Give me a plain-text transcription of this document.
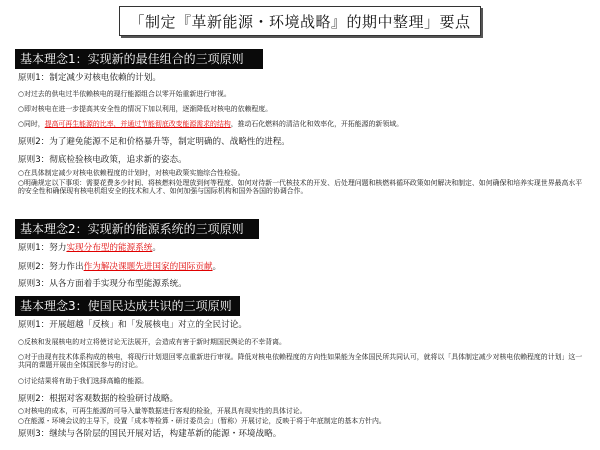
「制定『革新能源・环境战略』的期中整理」要点
基本理念1：实现新的最佳组合的三项原则
原则1：制定减少对核电依赖的计划。
○对过去的供电过半依赖核电的现行能源组合以零开始重新进行审视。
○即对核电在进一步提高其安全性的情况下加以利用，逐渐降低对核电的依赖程度。
○同时，提高可再生能源的比率，并通过节能彻底改变能源需求的结构，推动石化燃料的清洁化和效率化，开拓能源的新领域。
原则2：为了避免能源不足和价格暴升等，制定明确的、战略性的进程。
原则3：彻底检验核电政策，追求新的姿态。
○在具体制定减少对核电依赖程度的计划时，对核电政策实施综合性检验。
○明确规定以下事项：需要花费多少时间、将核燃料处理放到何等程度、如何对待新一代核技术的开发、后处理问题和核燃料循环政策如何解决和制定、如何确保和培养实现世界最高水平的安全性和确保现有核电机组安全的技术和人才、如何加强与国际机构和国外各国的协调合作。
基本理念2：实现新的能源系统的三项原则
原则1：努力实现分布型的能源系统。
原则2：努力作出作为解决课题先进国家的国际贡献。
原则3：从各方面着手实现分布型能源系统。
基本理念3：使国民达成共识的三项原则
原则1：开展超越「反核」和「发展核电」对立的全民讨论。
○反核和发展核电的对立将使讨论无法展开，会造成有害于新时期国民舆论的不幸背离。
○对于由现有技术体系构成的核电，将现行计划退回零点重新进行审视。降低对核电依赖程度的方向性如果能为全体国民所共同认可，就将以「具体制定减少对核电依赖程度的计划」这一共同的课题开展由全体国民参与的讨论。
○讨论结果将有助于我们选择高瞻的能源。
原则2：根据对客观数据的检验研讨战略。
○对核电的成本，可再生能源的可导入量等数据进行客观的检验，开展具有现实性的具体讨论。
○在能源・环境会议的主导下，设置「成本等检算・研讨委员会」（暂称）开展讨论，反映于将于年底制定的基本方针内。
原则3：继续与各阶层的国民开展对话，构建革新的能源・环境战略。
